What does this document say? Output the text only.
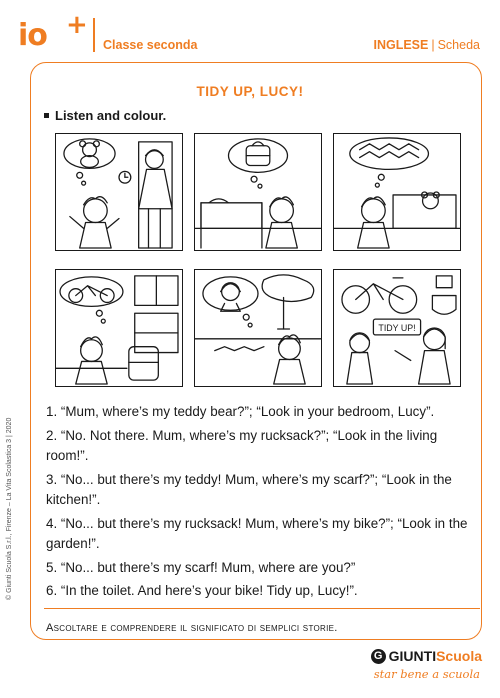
io +
Classe seconda	INGLESE | Scheda
TIDY UP, LUCY!
Listen and colour.
TIDY UP!
1. “Mum, where’s my teddy bear?”; “Look in your bedroom, Lucy”.
2. “No. Not there. Mum, where’s my rucksack?”; “Look in the living room!”.
3. “No... but there’s my teddy! Mum, where’s my scarf?”; “Look in the kitchen!”.
4. “No... but there’s my rucksack! Mum, where’s my bike?”; “Look in the garden!”.
5. “No... but there’s my scarf! Mum, where are you?”
6. “In the toilet. And here’s your bike! Tidy up, Lucy!”.
Ascoltare e comprendere il significato di semplici storie.
© Giunti Scuola S.r.l., Firenze – La Vita Scolastica 3 | 2020
G GIUNTIScuola
star bene a scuola
